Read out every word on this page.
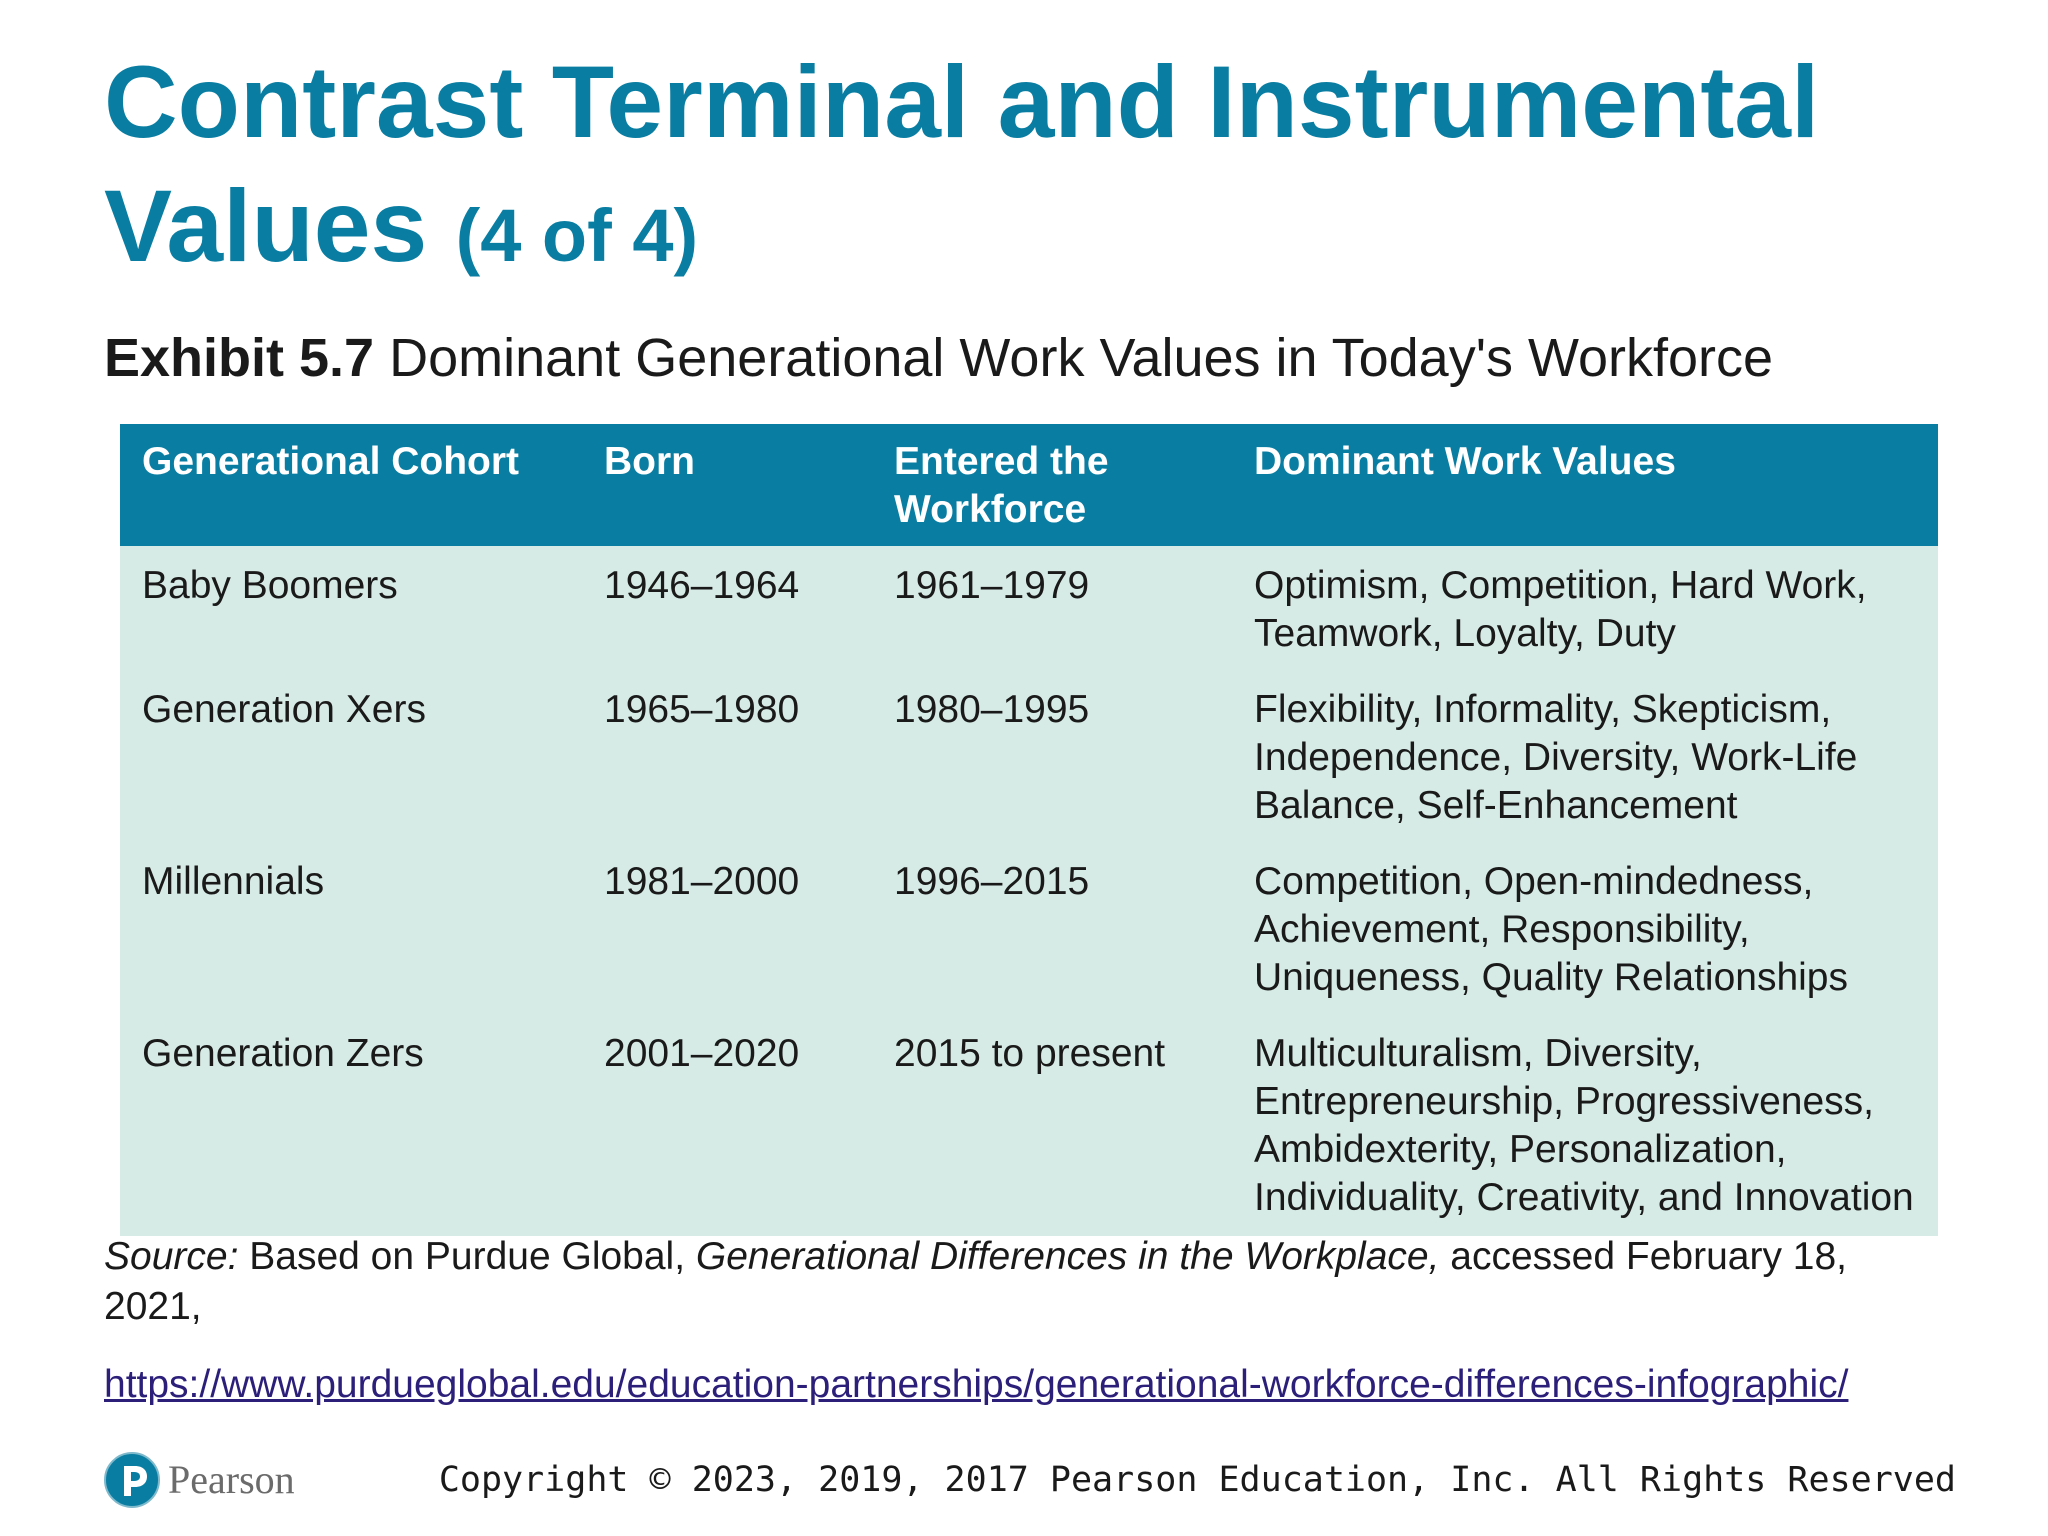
Contrast Terminal and Instrumental Values (4 of 4)
Exhibit 5.7 Dominant Generational Work Values in Today's Workforce
Generational Cohort	Born	Entered the Workforce	Dominant Work Values
Baby Boomers	1946–1964	1961–1979	Optimism, Competition, Hard Work, Teamwork, Loyalty, Duty
Generation Xers	1965–1980	1980–1995	Flexibility, Informality, Skepticism, Independence, Diversity, Work-Life Balance, Self-Enhancement
Millennials	1981–2000	1996–2015	Competition, Open-mindedness, Achievement, Responsibility, Uniqueness, Quality Relationships
Generation Zers	2001–2020	2015 to present	Multiculturalism, Diversity, Entrepreneurship, Progressiveness, Ambidexterity, Personalization, Individuality, Creativity, and Innovation

Source: Based on Purdue Global, Generational Differences in the Workplace, accessed February 18, 2021,

https://www.purdueglobal.edu/education-partnerships/generational-workforce-differences-infographic/
Pearson	Copyright © 2023, 2019, 2017 Pearson Education, Inc. All Rights Reserved
